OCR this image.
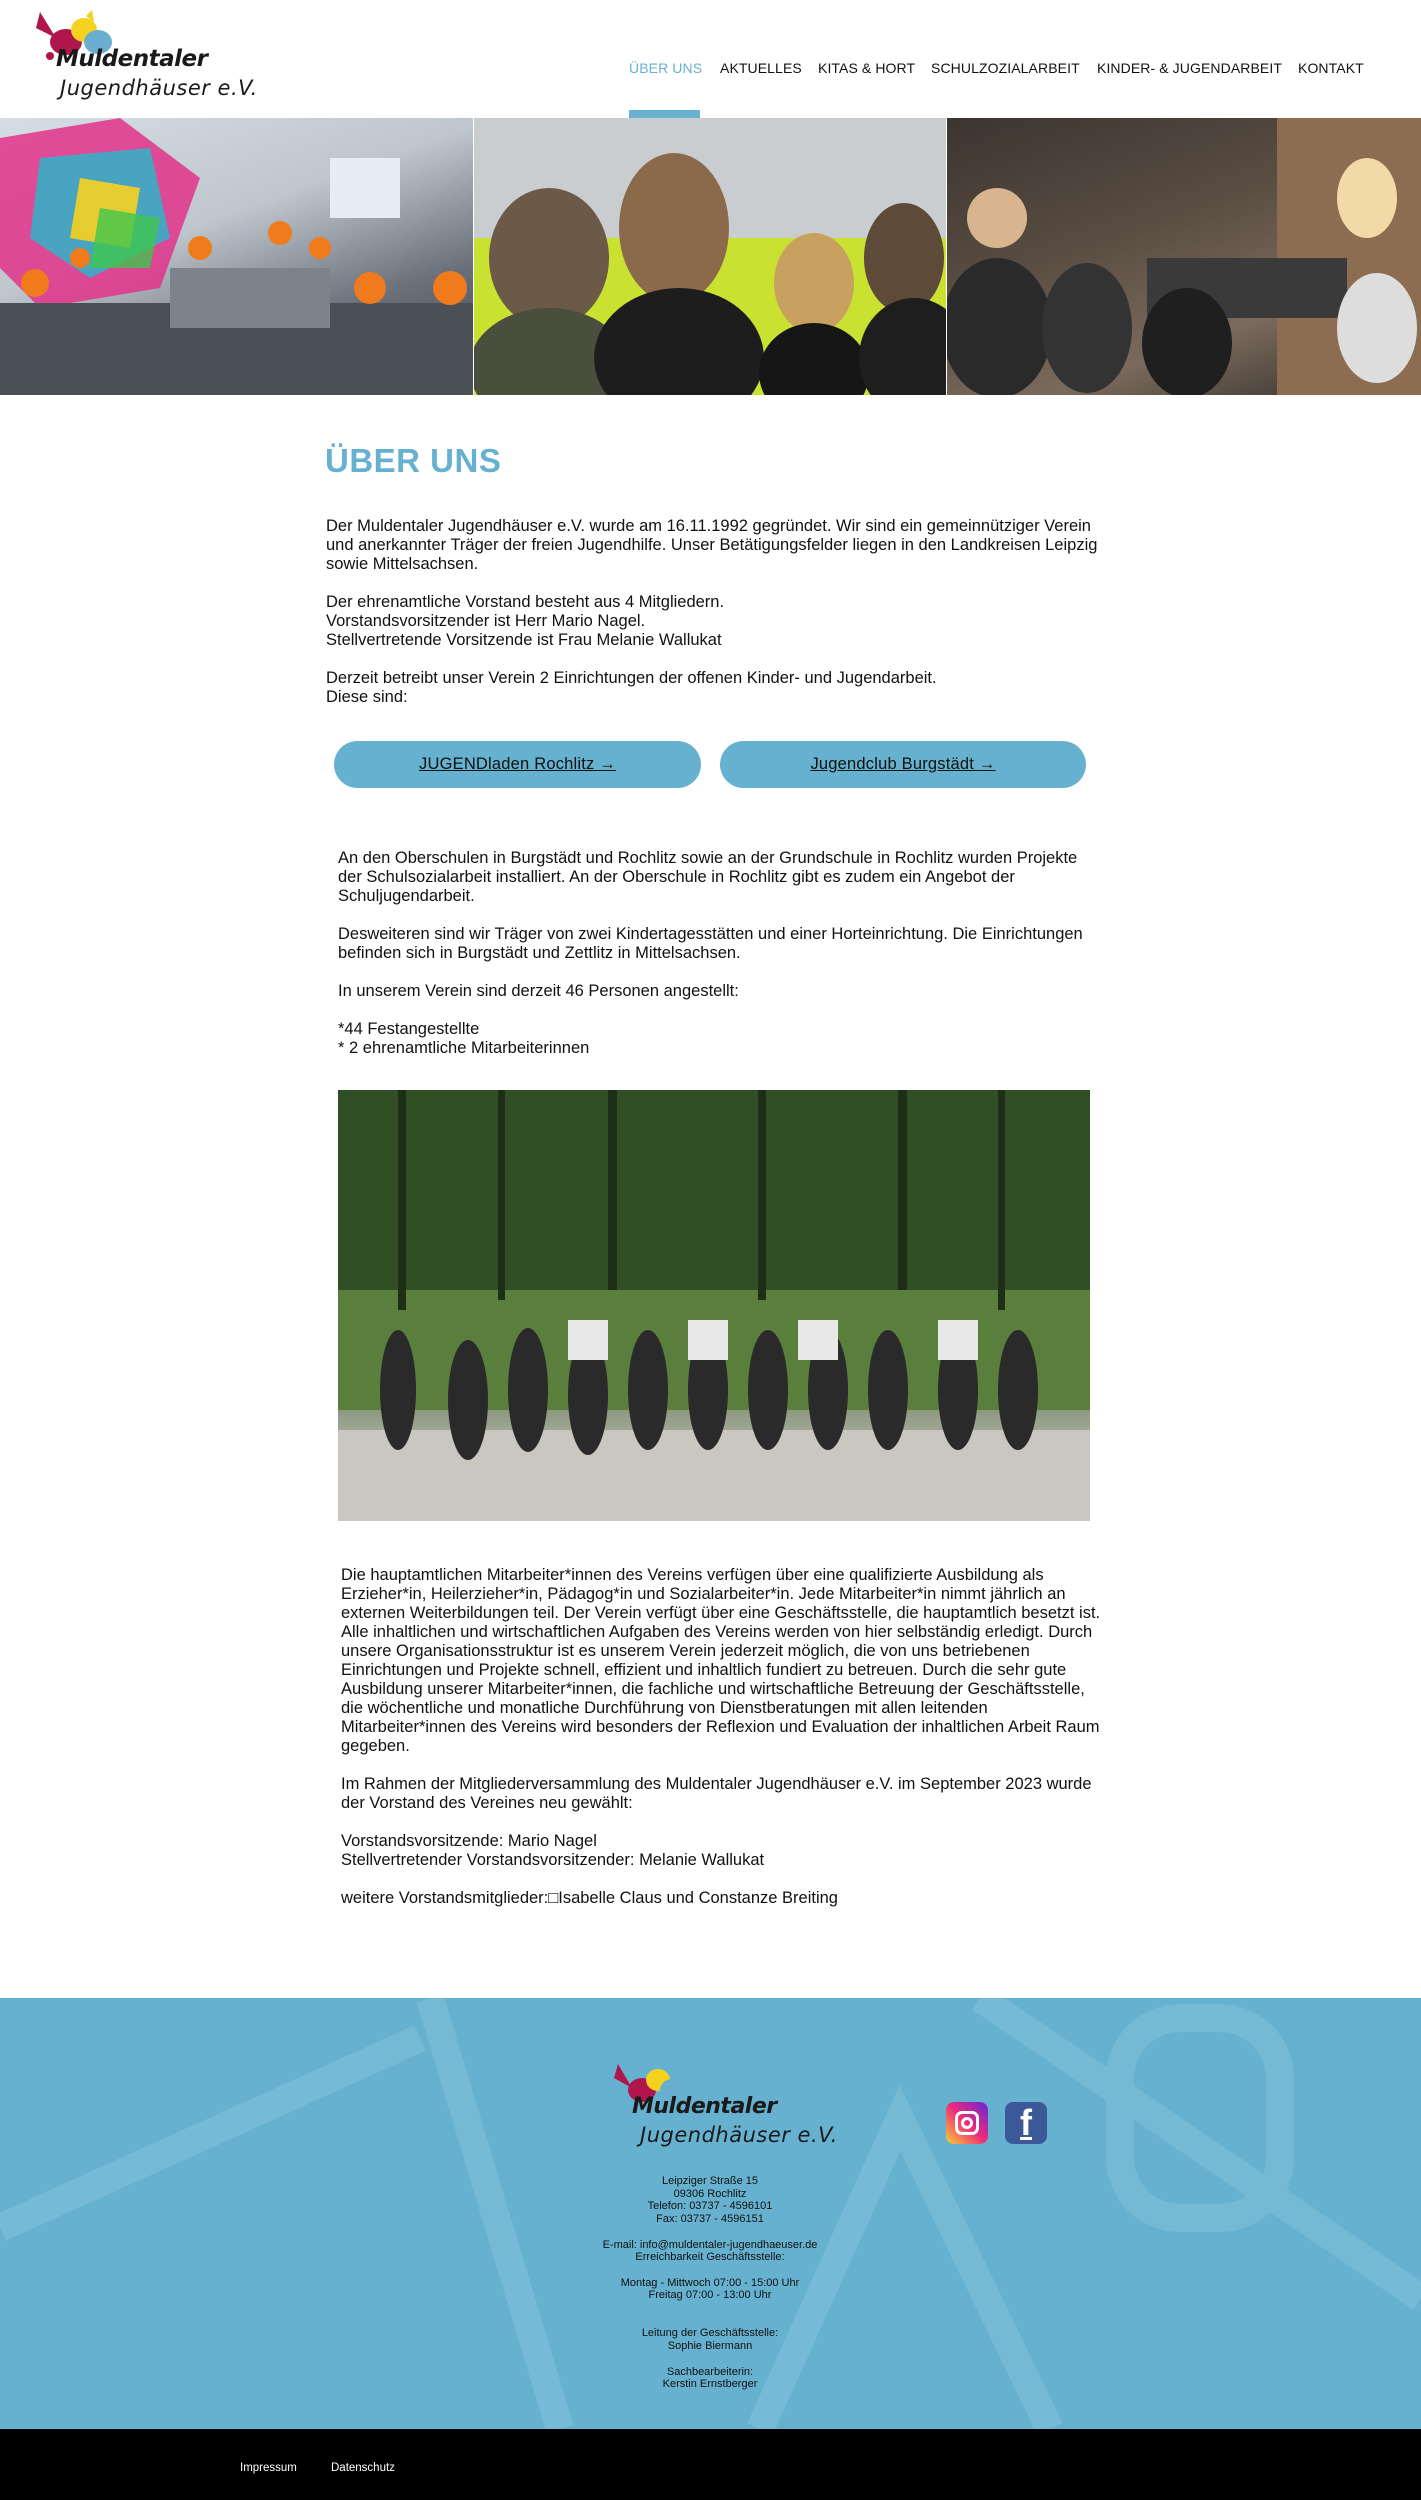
Muldentaler
Jugendhäuser e.V.
ÜBER UNS AKTUELLES KITAS & HORT SCHULZOZIALARBEIT KINDER- & JUGENDARBEIT KONTAKT
ÜBER UNS

Der Muldentaler Jugendhäuser e.V. wurde am 16.11.1992 gegründet. Wir sind ein gemeinnütziger Verein und anerkannter Träger der freien Jugendhilfe. Unser Betätigungsfelder liegen in den Landkreisen Leipzig sowie Mittelsachsen.

Der ehrenamtliche Vorstand besteht aus 4 Mitgliedern.
Vorstandsvorsitzender ist Herr Mario Nagel.
Stellvertretende Vorsitzende ist Frau Melanie Wallukat

Derzeit betreibt unser Verein 2 Einrichtungen der offenen Kinder- und Jugendarbeit.
Diese sind:

JUGENDladen Rochlitz →	Jugendclub Burgstädt →

An den Oberschulen in Burgstädt und Rochlitz sowie an der Grundschule in Rochlitz wurden Projekte der Schulsozialarbeit installiert. An der Oberschule in Rochlitz gibt es zudem ein Angebot der Schuljugendarbeit.

Desweiteren sind wir Träger von zwei Kindertagesstätten und einer Horteinrichtung. Die Einrichtungen befinden sich in Burgstädt und Zettlitz in Mittelsachsen.

In unserem Verein sind derzeit 46 Personen angestellt:

*44 Festangestellte
* 2 ehrenamtliche Mitarbeiterinnen

Die hauptamtlichen Mitarbeiter*innen des Vereins verfügen über eine qualifizierte Ausbildung als Erzieher*in, Heilerzieher*in, Pädagog*in und Sozialarbeiter*in. Jede Mitarbeiter*in nimmt jährlich an externen Weiterbildungen teil. Der Verein verfügt über eine Geschäftsstelle, die hauptamtlich besetzt ist. Alle inhaltlichen und wirtschaftlichen Aufgaben des Vereins werden von hier selbständig erledigt. Durch unsere Organisationsstruktur ist es unserem Verein jederzeit möglich, die von uns betriebenen Einrichtungen und Projekte schnell, effizient und inhaltlich fundiert zu betreuen. Durch die sehr gute Ausbildung unserer Mitarbeiter*innen, die fachliche und wirtschaftliche Betreuung der Geschäftsstelle, die wöchentliche und monatliche Durchführung von Dienstberatungen mit allen leitenden Mitarbeiter*innen des Vereins wird besonders der Reflexion und Evaluation der inhaltlichen Arbeit Raum gegeben.

Im Rahmen der Mitgliederversammlung des Muldentaler Jugendhäuser e.V. im September 2023 wurde der Vorstand des Vereines neu gewählt:

Vorstandsvorsitzende: Mario Nagel
Stellvertretender Vorstandsvorsitzender: Melanie Wallukat

weitere Vorstandsmitglieder:□Isabelle Claus und Constanze Breiting

Muldentaler
Jugendhäuser e.V.

Leipziger Straße 15
09306 Rochlitz
Telefon: 03737 - 4596101
Fax: 03737 - 4596151

E-mail: info@muldentaler-jugendhaeuser.de
Erreichbarkeit Geschäftsstelle:

Montag - Mittwoch 07:00 - 15:00 Uhr
Freitag 07:00 - 13:00 Uhr

Leitung der Geschäftsstelle:
Sophie Biermann

Sachbearbeiterin:
Kerstin Ernstberger

f
Impressum	Datenschutz
